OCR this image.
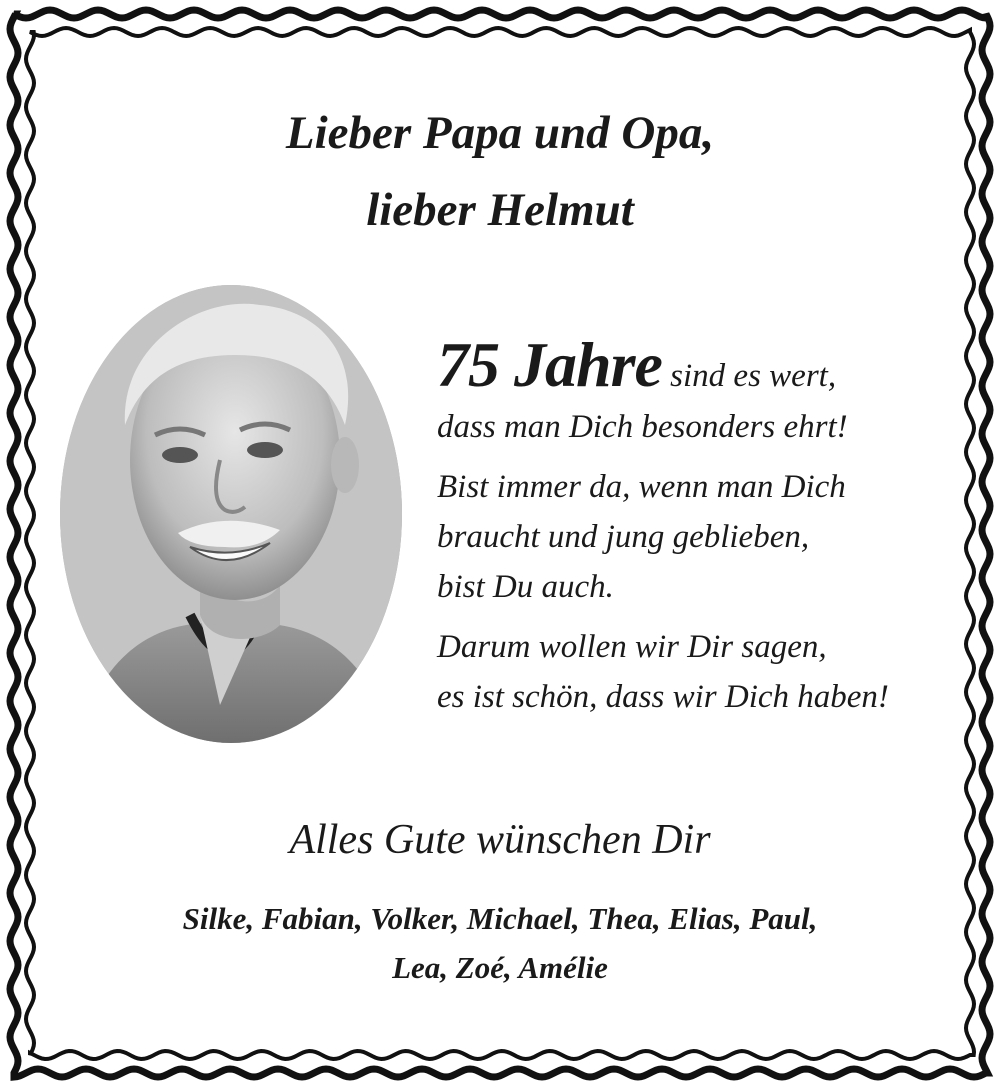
Lieber Papa und Opa,
lieber Helmut
75 Jahre sind es wert,
dass man Dich besonders ehrt!
Bist immer da, wenn man Dich
braucht und jung geblieben,
bist Du auch.
Darum wollen wir Dir sagen,
es ist schön, dass wir Dich haben!
Alles Gute wünschen Dir
Silke, Fabian, Volker, Michael, Thea, Elias, Paul,
Lea, Zoé, Amélie
